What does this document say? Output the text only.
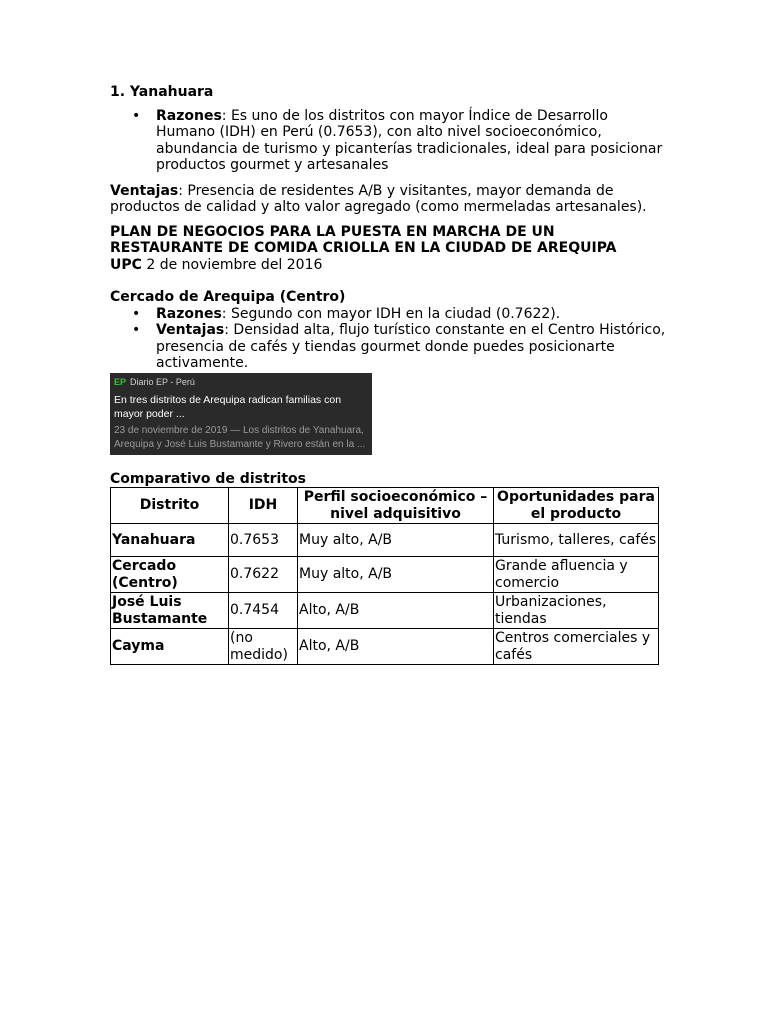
1. Yanahuara

• Razones: Es uno de los distritos con mayor Índice de Desarrollo Humano (IDH) en Perú (0.7653), con alto nivel socioeconómico, abundancia de turismo y picanterías tradicionales, ideal para posicionar productos gourmet y artesanales

Ventajas: Presencia de residentes A/B y visitantes, mayor demanda de productos de calidad y alto valor agregado (como mermeladas artesanales).

PLAN DE NEGOCIOS PARA LA PUESTA EN MARCHA DE UN
RESTAURANTE DE COMIDA CRIOLLA EN LA CIUDAD DE AREQUIPA
UPC 2 de noviembre del 2016

Cercado de Arequipa (Centro)

• Razones: Segundo con mayor IDH en la ciudad (0.7622).
• Ventajas: Densidad alta, flujo turístico constante en el Centro Histórico, presencia de cafés y tiendas gourmet donde puedes posicionarte activamente.
EP Diario EP - Perú
En tres distritos de Arequipa radican familias con mayor poder ...
23 de noviembre de 2019 — Los distritos de Yanahuara,
Arequipa y José Luis Bustamante y Rivero están en la ...

Comparativo de distritos

Distrito	IDH	Perfil socioeconómico – nivel adquisitivo	Oportunidades para el producto
Yanahuara	0.7653	Muy alto, A/B	Turismo, talleres, cafés
Cercado (Centro)	0.7622	Muy alto, A/B	Grande afluencia y comercio
José Luis Bustamante	0.7454	Alto, A/B	Urbanizaciones, tiendas
Cayma	(no medido)	Alto, A/B	Centros comerciales y cafés
